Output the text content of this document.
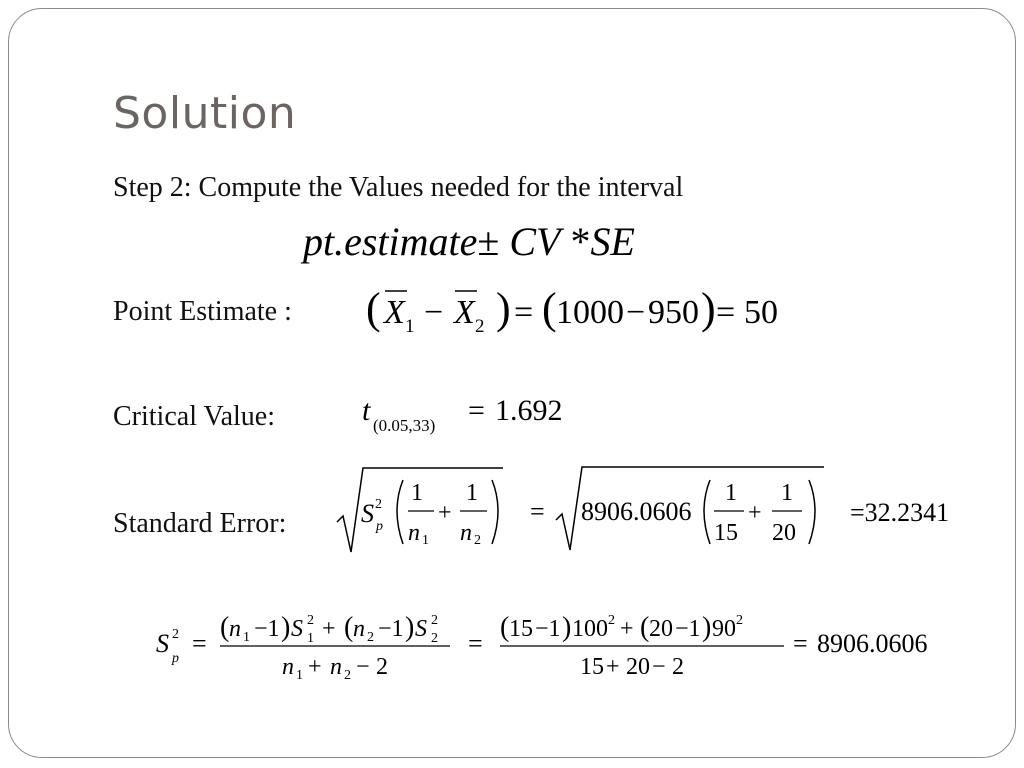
Solution
Step 2: Compute the Values needed for the interval
pt.estimate± CV *SE
Point Estimate : ( X 1 − X 2 ) = ( 1000 − 950 ) = 50
Critical Value:	t (0.05,33) = 1.692
Standard Error:	S 2
p
1
n 1
+
1
n 2
= 8906.0606
1
15
+
1
20
=32.2341
S 2
p
=
( n 1 −1 ) S 2
1 + ( n 2 −1 ) S 2
2
n 1 + n 2 − 2
=
( 15 −1 ) 100 2 + ( 20 −1 ) 90 2
15 + 20 − 2
= 8906.0606
